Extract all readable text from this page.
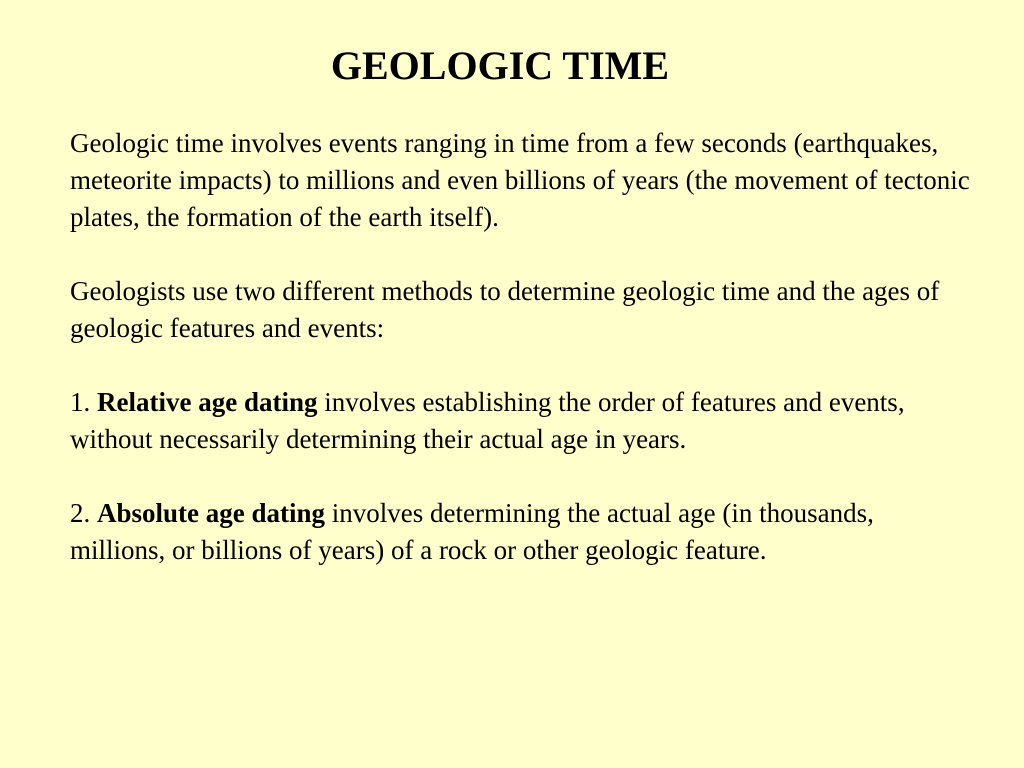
GEOLOGIC TIME

Geologic time involves events ranging in time from a few seconds (earthquakes, meteorite impacts) to millions and even billions of years (the movement of tectonic plates, the formation of the earth itself).

Geologists use two different methods to determine geologic time and the ages of geologic features and events:

1. Relative age dating involves establishing the order of features and events, without necessarily determining their actual age in years.

2. Absolute age dating involves determining the actual age (in thousands, millions, or billions of years) of a rock or other geologic feature.
